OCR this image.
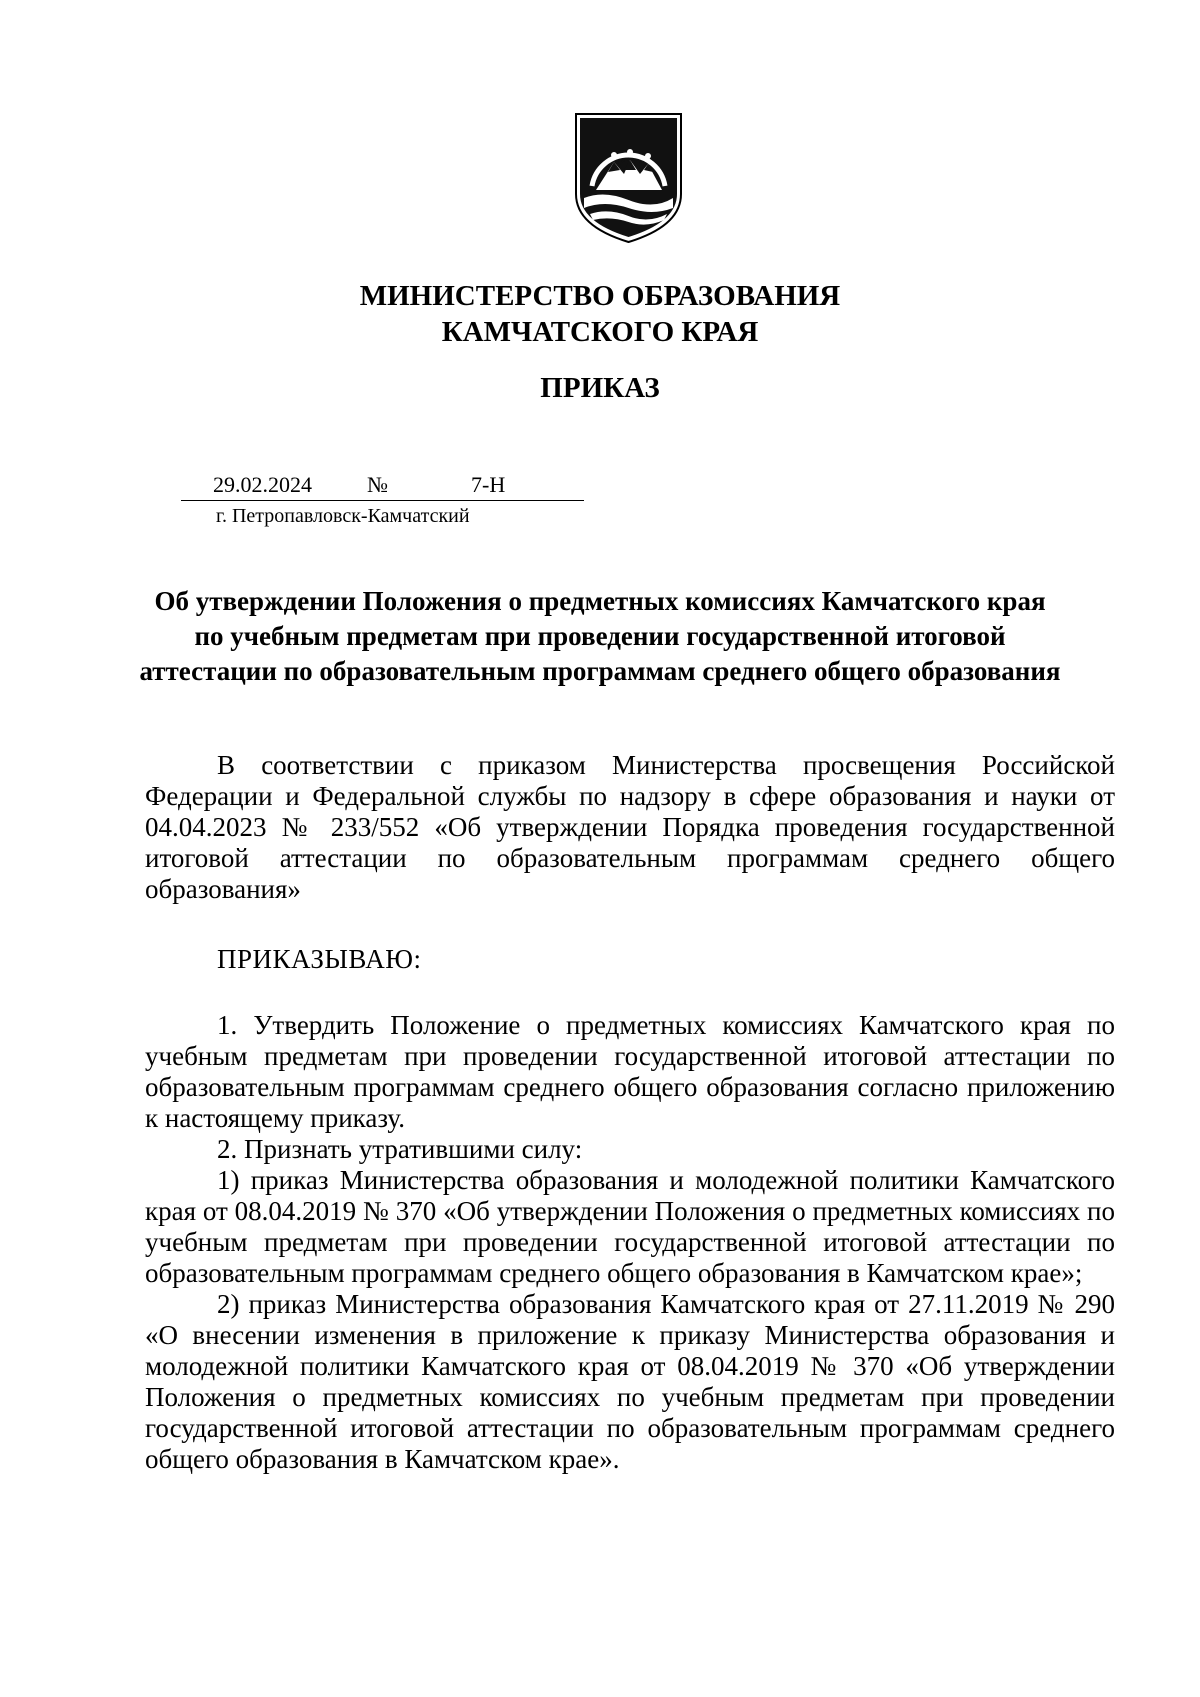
МИНИСТЕРСТВО ОБРАЗОВАНИЯ
КАМЧАТСКОГО КРАЯ
ПРИКАЗ
29.02.2024	№	7-Н
г. Петропавловск-Камчатский
Об утверждении Положения о предметных комиссиях Камчатского края
по учебным предметам при проведении государственной итоговой
аттестации по образовательным программам среднего общего образования

В соответствии с приказом Министерства просвещения Российской Федерации и Федеральной службы по надзору в сфере образования и науки от 04.04.2023 № 233/552 «Об утверждении Порядка проведения государственной итоговой аттестации по образовательным программам среднего общего образования»

ПРИКАЗЫВАЮ:

1. Утвердить Положение о предметных комиссиях Камчатского края по учебным предметам при проведении государственной итоговой аттестации по образовательным программам среднего общего образования согласно приложению к настоящему приказу.

2. Признать утратившими силу:

1) приказ Министерства образования и молодежной политики Камчатского края от 08.04.2019 № 370 «Об утверждении Положения о предметных комиссиях по учебным предметам при проведении государственной итоговой аттестации по образовательным программам среднего общего образования в Камчатском крае»;

2) приказ Министерства образования Камчатского края от 27.11.2019 № 290 «О внесении изменения в приложение к приказу Министерства образования и молодежной политики Камчатского края от 08.04.2019 № 370 «Об утверждении Положения о предметных комиссиях по учебным предметам при проведении государственной итоговой аттестации по образовательным программам среднего общего образования в Камчатском крае».
